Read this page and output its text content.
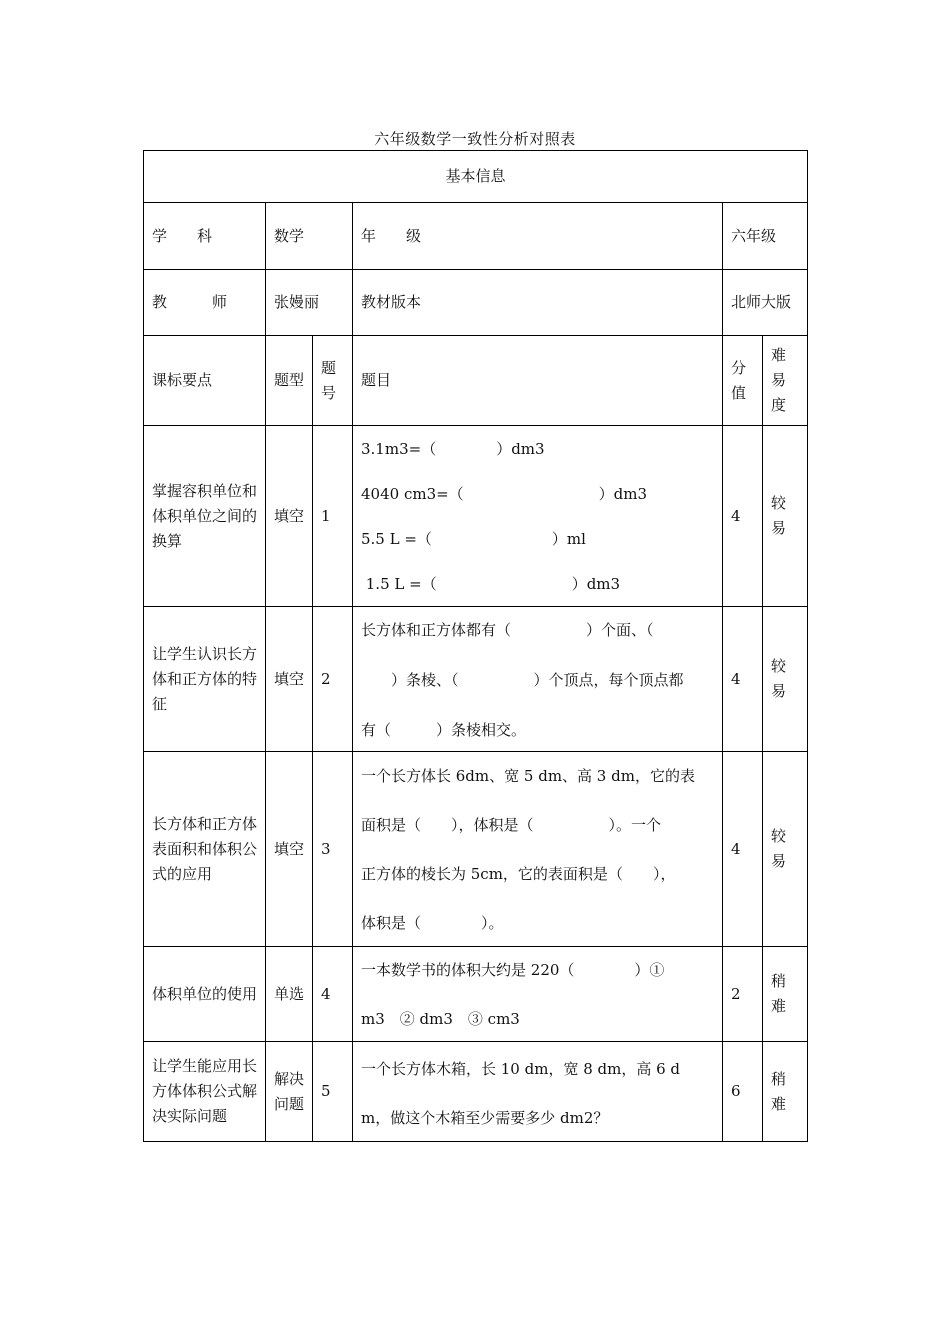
六年级数学一致性分析对照表
基本信息					
学　　科	数学		年　　级	六年级	
教　　　师	张嫚丽		教材版本	北师大版	
课标要点	题型	题号	题目	分值	难易度
掌握容积单位和体积单位之间的换算	填空	1	3.1m3=（　　　　）dm3
4040 cm3=（　　　　　　　　　）dm3
5.5 L =（　　　　　　　　）ml
1.5 L =（　　　　　　　　　）dm3	4	较易
让学生认识长方体和正方体的特征	填空	2	长方体和正方体都有（　　　　　）个面、（
　　）条棱、（　　　　　）个顶点，每个顶点都
有（　　　）条棱相交。	4	较易
长方体和正方体表面积和体积公式的应用	填空	3	一个长方体长 6dm、宽 5 dm、高 3 dm，它的表
面积是（　　），体积是（　　　　　）。一个
正方体的棱长为 5cm，它的表面积是（　　），
体积是（　　　　）。	4	较易
体积单位的使用	单选	4	一本数学书的体积大约是 220（　　　　）①
m3　② dm3　③ cm3	2	稍难
让学生能应用长方体体积公式解决实际问题	解决问题	5	一个长方体木箱，长 10 dm，宽 8 dm，高 6 d
m，做这个木箱至少需要多少 dm2？	6	稍难
